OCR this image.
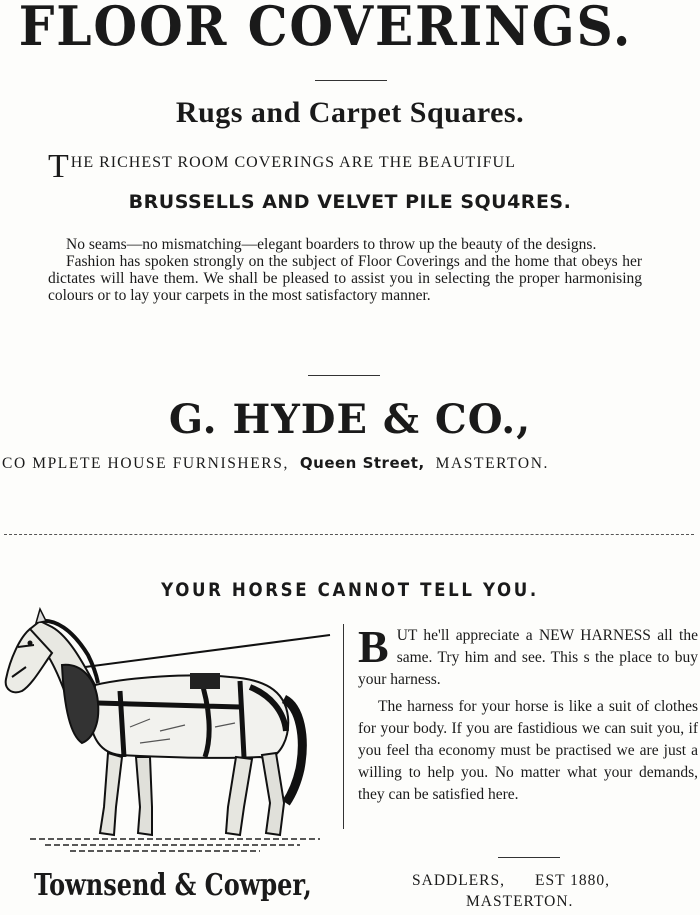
FLOOR COVERINGS.
Rugs and Carpet Squares.
THE RICHEST ROOM COVERINGS ARE THE BEAUTIFUL
BRUSSELLS AND VELVET PILE SQU4RES.

No seams—no mismatching—elegant boarders to throw up the beauty of the designs.

Fashion has spoken strongly on the subject of Floor Coverings and the home that obeys her dictates will have them. We shall be pleased to assist you in selecting the proper harmonising colours or to lay your carpets in the most satisfactory manner.

G. HYDE & CO.,
CO MPLETE HOUSE FURNISHERS, Queen Street, MASTERTON.
YOUR HORSE CANNOT TELL YOU.
B UT he'll appreciate a NEW HARNESS all the same. Try him and see. This s the place to buy your harness.

The harness for your horse is like a suit of clothes for your body. If you are fastidious we can suit you, if you feel tha economy must be practised we are just a willing to help you. No matter what your demands, they can be satisfied here.

Townsend & Cowper,	SADDLERS, EST 1880,
MASTERTON.
